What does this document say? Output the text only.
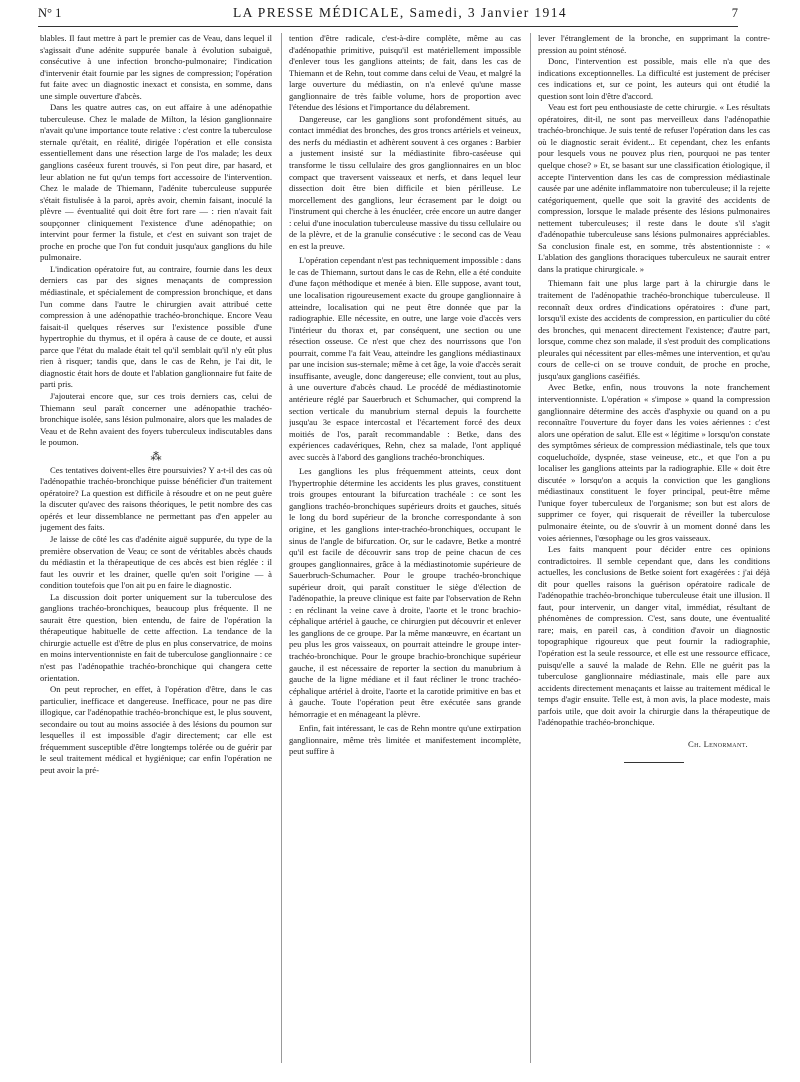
N° 1	LA PRESSE MÉDICALE, Samedi, 3 Janvier 1914	7

blables. Il faut mettre à part le premier cas de Veau, dans lequel il s'agissait d'une adénite suppurée banale à évolution subaiguë, consécutive à une infection broncho-pulmonaire; l'indication d'intervenir était fournie par les signes de compression; l'opération fut faite avec un diagnostic inexact et consista, en somme, dans une simple ouverture d'abcès.

Dans les quatre autres cas, on eut affaire à une adénopathie tuberculeuse. Chez le malade de Milton, la lésion ganglionnaire n'avait qu'une importance toute relative : c'est contre la tuberculose sternale qu'était, en réalité, dirigée l'opération et elle consista essentiellement dans une résection large de l'os malade; les deux ganglions caséeux furent trouvés, si l'on peut dire, par hasard, et leur ablation ne fut qu'un temps fort accessoire de l'intervention. Chez le malade de Thiemann, l'adénite tuberculeuse suppurée s'était fistulisée à la paroi, après avoir, chemin faisant, inoculé la plèvre — éventualité qui doit être fort rare — : rien n'avait fait soupçonner cliniquement l'existence d'une adénopathie; on intervint pour fermer la fistule, et c'est en suivant son trajet de proche en proche que l'on fut conduit jusqu'aux ganglions du hile pulmonaire.

L'indication opératoire fut, au contraire, fournie dans les deux derniers cas par des signes menaçants de compression médiastinale, et spécialement de compression bronchique, et dans l'un comme dans l'autre le chirurgien avait attribué cette compression à une adénopathie trachéo-bronchique. Encore Veau faisait-il quelques réserves sur l'existence possible d'une hypertrophie du thymus, et il opéra à cause de ce doute, et aussi parce que l'état du malade était tel qu'il semblait qu'il n'y eût plus rien à risquer; tandis que, dans le cas de Rehn, je l'ai dit, le diagnostic était hors de doute et l'ablation ganglionnaire fut faite de parti pris.

J'ajouterai encore que, sur ces trois derniers cas, celui de Thiemann seul paraît concerner une adénopathie trachéo-bronchique isolée, sans lésion pulmonaire, alors que les malades de Veau et de Rehn avaient des foyers tuberculeux indiscutables dans le poumon.

⁂

Ces tentatives doivent-elles être poursuivies? Y a-t-il des cas où l'adénopathie trachéo-bronchique puisse bénéficier d'un traitement opératoire? La question est difficile à résoudre et on ne peut guère la discuter qu'avec des raisons théoriques, le petit nombre des cas opérés et leur dissemblance ne permettant pas d'en appeler au jugement des faits.

Je laisse de côté les cas d'adénite aiguë suppurée, du type de la première observation de Veau; ce sont de véritables abcès chauds du médiastin et la thérapeutique de ces abcès est bien réglée : il faut les ouvrir et les drainer, quelle qu'en soit l'origine — à condition toutefois que l'on ait pu en faire le diagnostic.

La discussion doit porter uniquement sur la tuberculose des ganglions trachéo-bronchiques, beaucoup plus fréquente. Il ne saurait être question, bien entendu, de faire de l'opération la thérapeutique habituelle de cette affection. La tendance de la chirurgie actuelle est d'être de plus en plus conservatrice, de moins en moins interventionniste en fait de tuberculose ganglionnaire : ce n'est pas l'adénopathie trachéo-bronchique qui changera cette orientation.

On peut reprocher, en effet, à l'opération d'être, dans le cas particulier, inefficace et dangereuse. Inefficace, pour ne pas dire illogique, car l'adénopathie trachéo-bronchique est, le plus souvent, secondaire ou tout au moins associée à des lésions du poumon sur lesquelles il est impossible d'agir directement; car elle est fréquemment susceptible d'être longtemps tolérée ou de guérir par le seul traitement médical et hygiénique; car enfin l'opération ne peut avoir la pré-

tention d'être radicale, c'est-à-dire complète, même au cas d'adénopathie primitive, puisqu'il est matériellement impossible d'enlever tous les ganglions atteints; de fait, dans les cas de Thiemann et de Rehn, tout comme dans celui de Veau, et malgré la large ouverture du médiastin, on n'a enlevé qu'une masse ganglionnaire de très faible volume, hors de proportion avec l'étendue des lésions et l'importance du délabrement.

Dangereuse, car les ganglions sont profondément situés, au contact immédiat des bronches, des gros troncs artériels et veineux, des nerfs du médiastin et adhèrent souvent à ces organes : Barbier a justement insisté sur la médiastinite fibro-caséeuse qui transforme le tissu cellulaire des gros ganglionnaires en un bloc compact que traversent vaisseaux et nerfs, et dans lequel leur dissection doit être bien difficile et bien périlleuse. Le morcellement des ganglions, leur écrasement par le doigt ou l'instrument qui cherche à les énucléer, crée encore un autre danger : celui d'une inoculation tuberculeuse massive du tissu cellulaire ou de la plèvre, et de la granulie consécutive : le second cas de Veau en est la preuve.

L'opération cependant n'est pas techniquement impossible : dans le cas de Thiemann, surtout dans le cas de Rehn, elle a été conduite d'une façon méthodique et menée à bien. Elle suppose, avant tout, une localisation rigoureusement exacte du groupe ganglionnaire à atteindre, localisation qui ne peut être donnée que par la radiographie. Elle nécessite, en outre, une large voie d'accès vers l'intérieur du thorax et, par conséquent, une section ou une résection osseuse. Ce n'est que chez des nourrissons que l'on pourrait, comme l'a fait Veau, atteindre les ganglions médiastinaux par une incision sus-sternale; même à cet âge, la voie d'accès serait insuffisante, aveugle, donc dangereuse; elle convient, tout au plus, à une ouverture d'abcès chaud. Le procédé de médiastinotomie antérieure réglé par Sauerbruch et Schumacher, qui comprend la section verticale du manubrium sternal depuis la fourchette jusqu'au 3e espace intercostal et l'écartement forcé des deux moitiés de l'os, paraît recommandable : Betke, dans des expériences cadavériques, Rehn, chez sa malade, l'ont appliqué avec succès à l'abord des ganglions trachéo-bronchiques.

Les ganglions les plus fréquemment atteints, ceux dont l'hypertrophie détermine les accidents les plus graves, constituent trois groupes entourant la bifurcation trachéale : ce sont les ganglions trachéo-bronchiques supérieurs droits et gauches, situés le long du bord supérieur de la bronche correspondante à son origine, et les ganglions inter-trachéo-bronchiques, occupant le sinus de l'angle de bifurcation. Or, sur le cadavre, Betke a montré qu'il est facile de découvrir sans trop de peine chacun de ces groupes ganglionnaires, grâce à la médiastinotomie supérieure de Sauerbruch-Schumacher. Pour le groupe trachéo-bronchique supérieur droit, qui paraît constituer le siège d'élection de l'adénopathie, la preuve clinique est faite par l'observation de Rehn : en réclinant la veine cave à droite, l'aorte et le tronc brachio-céphalique artériel à gauche, ce chirurgien put découvrir et enlever les ganglions de ce groupe. Par la même manœuvre, en écartant un peu plus les gros vaisseaux, on pourrait atteindre le groupe inter-trachéo-bronchique. Pour le groupe brachio-bronchique supérieur gauche, il est nécessaire de reporter la section du manubrium à gauche de la ligne médiane et il faut récliner le tronc trachéo-céphalique artériel à droite, l'aorte et la carotide primitive en bas et à gauche. Toute l'opération peut être exécutée sans grande hémorragie et en ménageant la plèvre.

Enfin, fait intéressant, le cas de Rehn montre qu'une extirpation ganglionnaire, même très limitée et manifestement incomplète, peut suffire à

lever l'étranglement de la bronche, en supprimant la contre-pression au point sténosé.

Donc, l'intervention est possible, mais elle n'a que des indications exceptionnelles. La difficulté est justement de préciser ces indications et, sur ce point, les auteurs qui ont étudié la question sont loin d'être d'accord.

Veau est fort peu enthousiaste de cette chirurgie. « Les résultats opératoires, dit-il, ne sont pas merveilleux dans l'adénopathie trachéo-bronchique. Je suis tenté de refuser l'opération dans les cas où le diagnostic serait évident... Et cependant, chez les enfants pour lesquels vous ne pouvez plus rien, pourquoi ne pas tenter quelque chose? » Et, se basant sur une classification étiologique, il accepte l'intervention dans les cas de compression médiastinale causée par une adénite inflammatoire non tuberculeuse; il la rejette catégoriquement, quelle que soit la gravité des accidents de compression, lorsque le malade présente des lésions pulmonaires nettement tuberculeuses; il reste dans le doute s'il s'agit d'adénopathie tuberculeuse sans lésions pulmonaires appréciables. Sa conclusion finale est, en somme, très abstentionniste : « L'ablation des ganglions thoraciques tuberculeux ne saurait entrer dans la pratique chirurgicale. »

Thiemann fait une plus large part à la chirurgie dans le traitement de l'adénopathie trachéo-bronchique tuberculeuse. Il reconnaît deux ordres d'indications opératoires : d'une part, lorsqu'il existe des accidents de compression, en particulier du côté des bronches, qui menacent directement l'existence; d'autre part, lorsque, comme chez son malade, il s'est produit des complications pleurales qui nécessitent par elles-mêmes une intervention, et qu'au cours de celle-ci on se trouve conduit, de proche en proche, jusqu'aux ganglions caséifiés.

Avec Betke, enfin, nous trouvons la note franchement interventionniste. L'opération « s'impose » quand la compression ganglionnaire détermine des accès d'asphyxie ou quand on a pu reconnaître l'ouverture du foyer dans les voies aériennes : c'est alors une opération de salut. Elle est « légitime » lorsqu'on constate des symptômes sérieux de compression médiastinale, tels que toux coqueluchoïde, dyspnée, stase veineuse, etc., et que l'on a pu localiser les ganglions atteints par la radiographie. Elle « doit être discutée » lorsqu'on a acquis la conviction que les ganglions médiastinaux constituent le foyer principal, peut-être même l'unique foyer tuberculeux de l'organisme; son but est alors de supprimer ce foyer, qui risquerait de réveiller la tuberculose pulmonaire éteinte, ou de s'ouvrir à un moment donné dans les voies aériennes, l'œsophage ou les gros vaisseaux.

Les faits manquent pour décider entre ces opinions contradictoires. Il semble cependant que, dans les conditions actuelles, les conclusions de Betke soient fort exagérées : j'ai déjà dit pour quelles raisons la guérison opératoire radicale de l'adénopathie trachéo-bronchique tuberculeuse était une illusion. Il faut, pour intervenir, un danger vital, immédiat, résultant de phénomènes de compression. C'est, sans doute, une éventualité rare; mais, en pareil cas, à condition d'avoir un diagnostic topographique rigoureux que peut fournir la radiographie, l'opération est la seule ressource, et elle est une ressource efficace, puisqu'elle a sauvé la malade de Rehn. Elle ne guérit pas la tuberculose ganglionnaire médiastinale, mais elle pare aux accidents directement menaçants et laisse au traitement médical le temps d'agir ensuite. Telle est, à mon avis, la place modeste, mais parfois utile, que doit avoir la chirurgie dans la thérapeutique de l'adénopathie trachéo-bronchique.

Ch. Lenormant.
